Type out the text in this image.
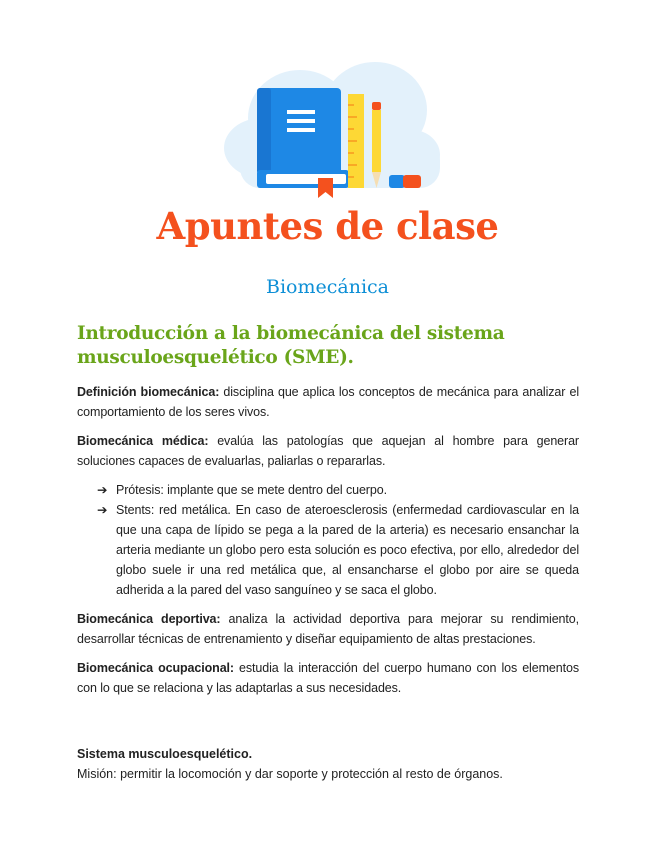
Apuntes de clase
Biomecánica
Introducción a la biomecánica del sistema musculoesquelético (SME).

Definición biomecánica: disciplina que aplica los conceptos de mecánica para analizar el comportamiento de los seres vivos.

Biomecánica médica: evalúa las patologías que aquejan al hombre para generar soluciones capaces de evaluarlas, paliarlas o repararlas.

➔ Prótesis: implante que se mete dentro del cuerpo.
➔ Stents: red metálica. En caso de ateroesclerosis (enfermedad cardiovascular en la que una capa de lípido se pega a la pared de la arteria) es necesario ensanchar la arteria mediante un globo pero esta solución es poco efectiva, por ello, alrededor del globo suele ir una red metálica que, al ensancharse el globo por aire se queda adherida a la pared del vaso sanguíneo y se saca el globo.

Biomecánica deportiva: analiza la actividad deportiva para mejorar su rendimiento, desarrollar técnicas de entrenamiento y diseñar equipamiento de altas prestaciones.

Biomecánica ocupacional: estudia la interacción del cuerpo humano con los elementos con lo que se relaciona y las adaptarlas a sus necesidades.

Sistema musculoesquelético.
Misión: permitir la locomoción y dar soporte y protección al resto de órganos.
